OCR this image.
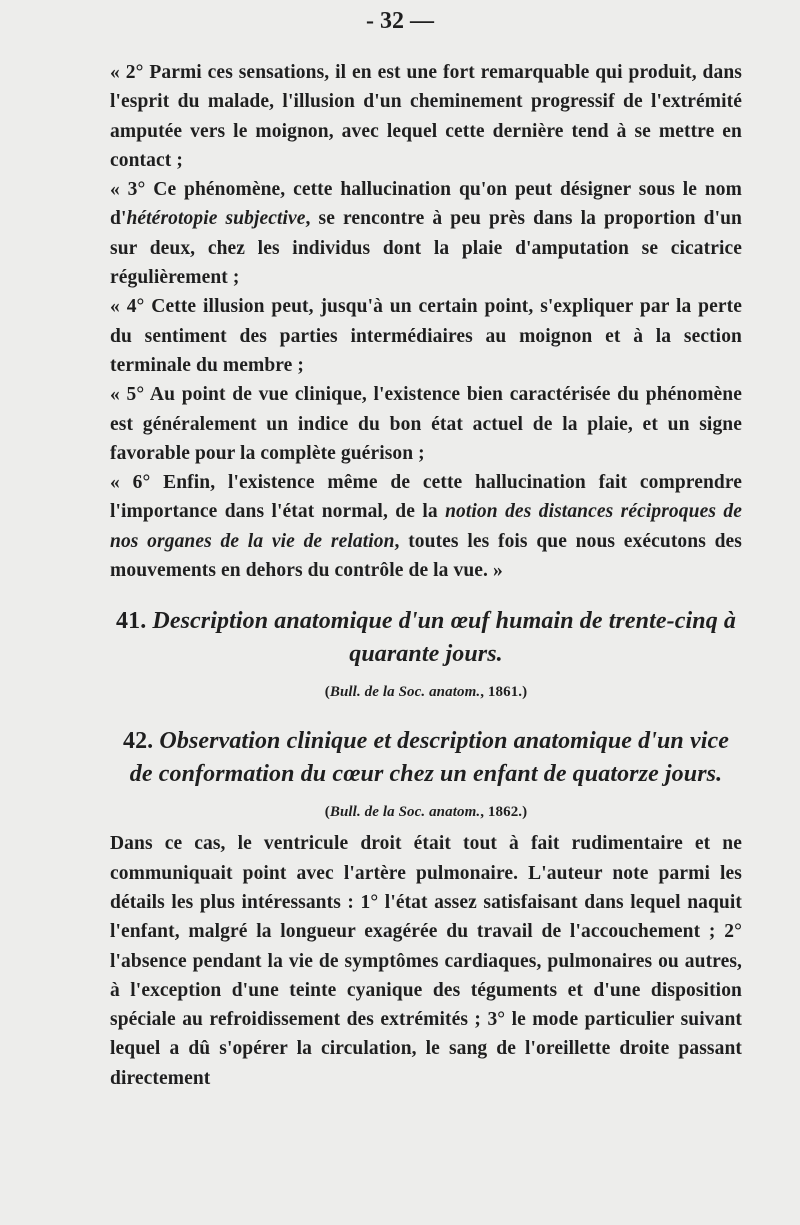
- 32 —

« 2° Parmi ces sensations, il en est une fort remarquable qui produit, dans l'esprit du malade, l'illusion d'un cheminement progressif de l'extrémité amputée vers le moignon, avec lequel cette dernière tend à se mettre en contact ;

« 3° Ce phénomène, cette hallucination qu'on peut désigner sous le nom d'hétérotopie subjective, se rencontre à peu près dans la proportion d'un sur deux, chez les individus dont la plaie d'amputation se cicatrice régulièrement ;

« 4° Cette illusion peut, jusqu'à un certain point, s'expliquer par la perte du sentiment des parties intermédiaires au moignon et à la section terminale du membre ;

« 5° Au point de vue clinique, l'existence bien caractérisée du phénomène est généralement un indice du bon état actuel de la plaie, et un signe favorable pour la complète guérison ;

« 6° Enfin, l'existence même de cette hallucination fait comprendre l'importance dans l'état normal, de la notion des distances réciproques de nos organes de la vie de relation, toutes les fois que nous exécutons des mouvements en dehors du contrôle de la vue. »

41. Description anatomique d'un œuf humain de trente-cinq à quarante jours.
(Bull. de la Soc. anatom., 1861.)
42. Observation clinique et description anatomique d'un vice de conformation du cœur chez un enfant de quatorze jours.
(Bull. de la Soc. anatom., 1862.)

Dans ce cas, le ventricule droit était tout à fait rudimentaire et ne communiquait point avec l'artère pulmonaire. L'auteur note parmi les détails les plus intéressants : 1° l'état assez satisfaisant dans lequel naquit l'enfant, malgré la longueur exagérée du travail de l'accouchement ; 2° l'absence pendant la vie de symptômes cardiaques, pulmonaires ou autres, à l'exception d'une teinte cyanique des téguments et d'une disposition spéciale au refroidissement des extrémités ; 3° le mode particulier suivant lequel a dû s'opérer la circulation, le sang de l'oreillette droite passant directement
